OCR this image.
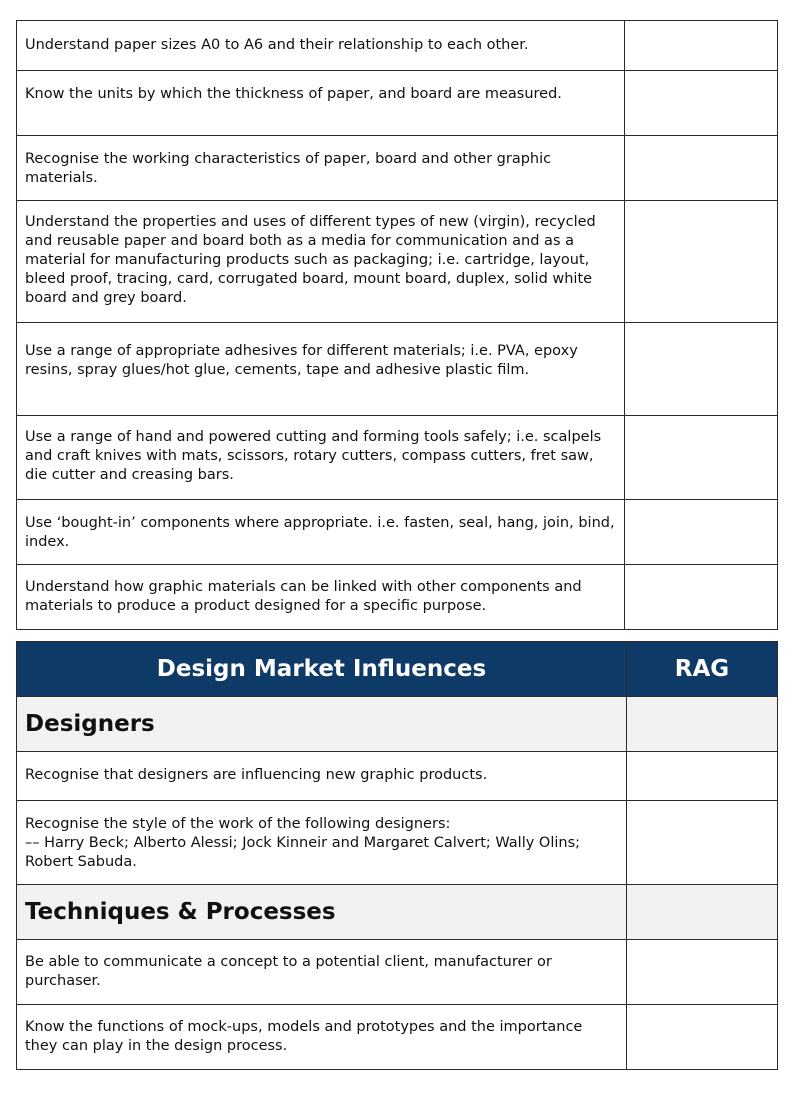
Understand paper sizes A0 to A6 and their relationship to each other.	

Know the units by which the thickness of paper, and board are measured.	

Recognise the working characteristics of paper, board and other graphic materials.	

Understand the properties and uses of different types of new (virgin), recycled and reusable paper and board both as a media for communication and as a material for manufacturing products such as packaging; i.e. cartridge, layout, bleed proof, tracing, card, corrugated board, mount board, duplex, solid white board and grey board.	

Use a range of appropriate adhesives for different materials; i.e. PVA, epoxy resins, spray glues/hot glue, cements, tape and adhesive plastic film.	

Use a range of hand and powered cutting and forming tools safely; i.e. scalpels and craft knives with mats, scissors, rotary cutters, compass cutters, fret saw, die cutter and creasing bars.	

Use ‘bought-in’ components where appropriate. i.e. fasten, seal, hang, join, bind, index.	

Understand how graphic materials can be linked with other components and materials to produce a product designed for a specific purpose.	

Design Market Influences	RAG
Designers	

Recognise that designers are influencing new graphic products.	

Recognise the style of the work of the following designers:
–– Harry Beck; Alberto Alessi; Jock Kinneir and Margaret Calvert; Wally Olins; Robert Sabuda.	

Techniques & Processes	

Be able to communicate a concept to a potential client, manufacturer or purchaser.	

Know the functions of mock-ups, models and prototypes and the importance they can play in the design process.	
